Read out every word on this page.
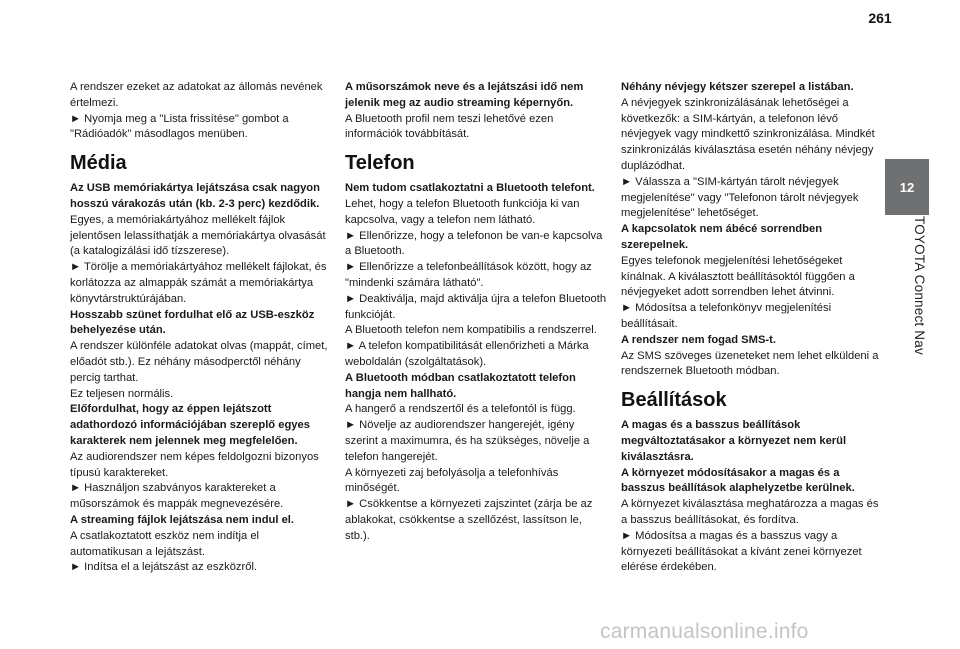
261

A rendszer ezeket az adatokat az állomás nevének értelmezi.

► Nyomja meg a "Lista frissítése" gombot a "Rádióadók" másodlagos menüben.

Média

Az USB memóriakártya lejátszása csak nagyon hosszú várakozás után (kb. 2-3 perc) kezdődik.

Egyes, a memóriakártyához mellékelt fájlok jelentősen lelassíthatják a memóriakártya olvasását (a katalogizálási idő tízszerese).

► Törölje a memóriakártyához mellékelt fájlokat, és korlátozza az almappák számát a memóriakártya könyvtárstruktúrájában.

Hosszabb szünet fordulhat elő az USB-eszköz behelyezése után.

A rendszer különféle adatokat olvas (mappát, címet, előadót stb.). Ez néhány másodperctől néhány percig tarthat.

Ez teljesen normális.

Előfordulhat, hogy az éppen lejátszott adathordozó információjában szereplő egyes karakterek nem jelennek meg megfelelően.

Az audiorendszer nem képes feldolgozni bizonyos típusú karaktereket.

► Használjon szabványos karaktereket a műsorszámok és mappák megnevezésére.

A streaming fájlok lejátszása nem indul el.

A csatlakoztatott eszköz nem indítja el automatikusan a lejátszást.

► Indítsa el a lejátszást az eszközről.

A műsorszámok neve és a lejátszási idő nem jelenik meg az audio streaming képernyőn.

A Bluetooth profil nem teszi lehetővé ezen információk továbbítását.

Telefon

Nem tudom csatlakoztatni a Bluetooth telefont.

Lehet, hogy a telefon Bluetooth funkciója ki van kapcsolva, vagy a telefon nem látható.

► Ellenőrizze, hogy a telefonon be van-e kapcsolva a Bluetooth.

► Ellenőrizze a telefonbeállítások között, hogy az "mindenki számára látható".

► Deaktiválja, majd aktiválja újra a telefon Bluetooth funkcióját.

A Bluetooth telefon nem kompatibilis a rendszerrel.

► A telefon kompatibilitását ellenőrizheti a Márka weboldalán (szolgáltatások).

A Bluetooth módban csatlakoztatott telefon hangja nem hallható.

A hangerő a rendszertől és a telefontól is függ.

► Növelje az audiorendszer hangerejét, igény szerint a maximumra, és ha szükséges, növelje a telefon hangerejét.

A környezeti zaj befolyásolja a telefonhívás minőségét.

► Csökkentse a környezeti zajszintet (zárja be az ablakokat, csökkentse a szellőzést, lassítson le, stb.).

Néhány névjegy kétszer szerepel a listában.

A névjegyek szinkronizálásának lehetőségei a következők: a SIM-kártyán, a telefonon lévő névjegyek vagy mindkettő szinkronizálása. Mindkét szinkronizálás kiválasztása esetén néhány névjegy duplázódhat.

► Válassza a "SIM-kártyán tárolt névjegyek megjelenítése" vagy "Telefonon tárolt névjegyek megjelenítése" lehetőséget.

A kapcsolatok nem ábécé sorrendben szerepelnek.

Egyes telefonok megjelenítési lehetőségeket kínálnak. A kiválasztott beállításoktól függően a névjegyeket adott sorrendben lehet átvinni.

► Módosítsa a telefonkönyv megjelenítési beállításait.

A rendszer nem fogad SMS-t.

Az SMS szöveges üzeneteket nem lehet elküldeni a rendszernek Bluetooth módban.

Beállítások

A magas és a basszus beállítások megváltoztatásakor a környezet nem kerül kiválasztásra.

A környezet módosításakor a magas és a basszus beállítások alaphelyzetbe kerülnek.

A környezet kiválasztása meghatározza a magas és a basszus beállításokat, és fordítva.

► Módosítsa a magas és a basszus vagy a környezeti beállításokat a kívánt zenei környezet elérése érdekében.

12
TOYOTA Connect Nav
carmanualsonline.info
